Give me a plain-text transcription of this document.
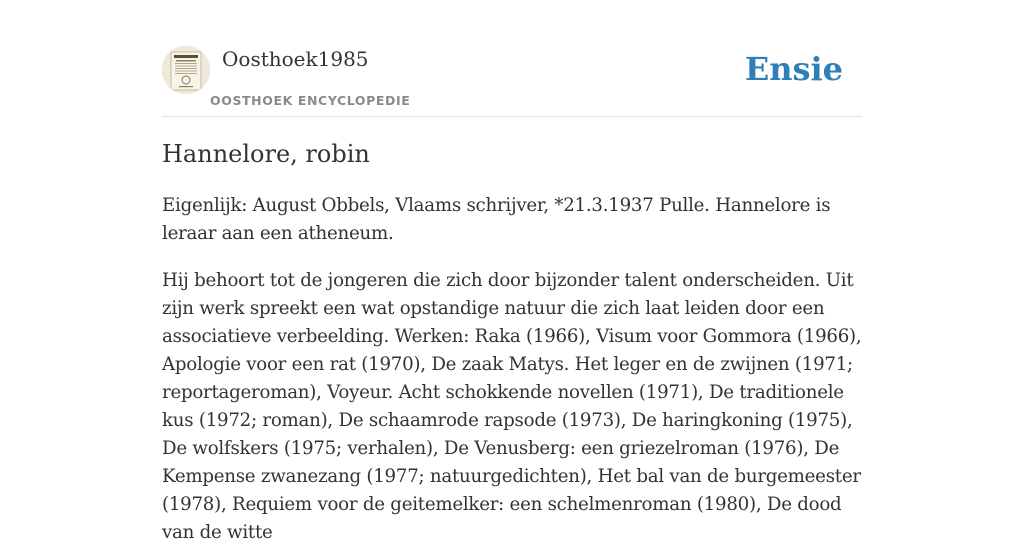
Oosthoek1985
OOSTHOEK ENCYCLOPEDIE
Ensie
Hannelore, robin

Eigenlijk: August Obbels, Vlaams schrijver, *21.3.1937 Pulle. Hannelore is leraar aan een atheneum.

Hij behoort tot de jongeren die zich door bijzonder talent onderscheiden. Uit zijn werk spreekt een wat opstandige natuur die zich laat leiden door een associatieve verbeelding. Werken: Raka (1966), Visum voor Gommora (1966), Apologie voor een rat (1970), De zaak Matys. Het leger en de zwijnen (1971; reportageroman), Voyeur. Acht schokkende novellen (1971), De traditionele kus (1972; roman), De schaamrode rapsode (1973), De haringkoning (1975), De wolfskers (1975; verhalen), De Venusberg: een griezelroman (1976), De Kempense zwanezang (1977; natuurgedichten), Het bal van de burgemeester (1978), Requiem voor de geitemelker: een schelmenroman (1980), De dood van de witte
